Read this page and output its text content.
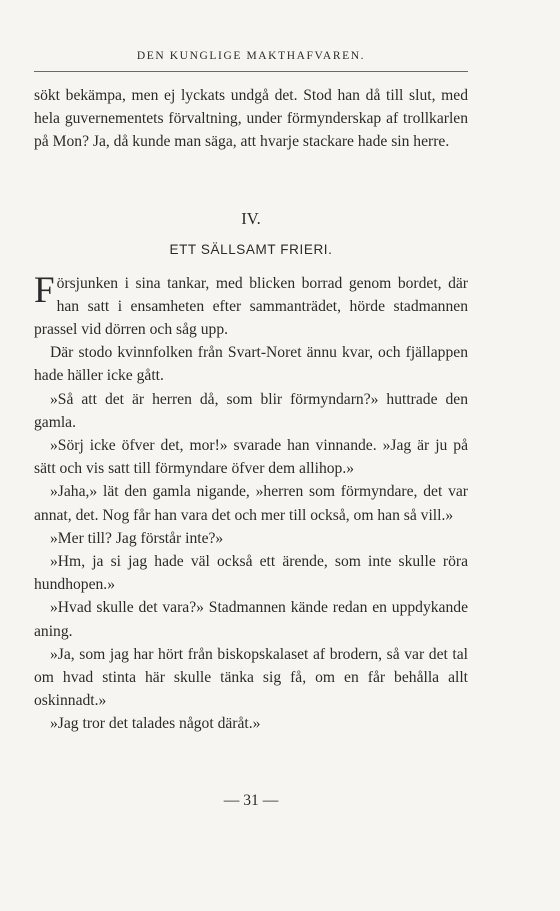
DEN KUNGLIGE MAKTHAFVAREN.

sökt bekämpa, men ej lyckats undgå det. Stod han då till slut, med hela guvernementets förvaltning, under förmynderskap af trollkarlen på Mon? Ja, då kunde man säga, att hvarje stackare hade sin herre.

IV.

ETT SÄLLSAMT FRIERI.

Försjunken i sina tankar, med blicken borrad genom bordet, där han satt i ensamheten efter sammanträdet, hörde stadmannen prassel vid dörren och såg upp.

Där stodo kvinnfolken från Svart-Noret ännu kvar, och fjällappen hade häller icke gått.

»Så att det är herren då, som blir förmyndarn?» huttrade den gamla.

»Sörj icke öfver det, mor!» svarade han vinnande. »Jag är ju på sätt och vis satt till förmyndare öfver dem allihop.»

»Jaha,» lät den gamla nigande, »herren som förmyndare, det var annat, det. Nog får han vara det och mer till också, om han så vill.»

»Mer till? Jag förstår inte?»

»Hm, ja si jag hade väl också ett ärende, som inte skulle röra hundhopen.»

»Hvad skulle det vara?» Stadmannen kände redan en uppdykande aning.

»Ja, som jag har hört från biskopskalaset af brodern, så var det tal om hvad stinta här skulle tänka sig få, om en får behålla allt oskinnadt.»

»Jag tror det talades något däråt.»

— 31 —
